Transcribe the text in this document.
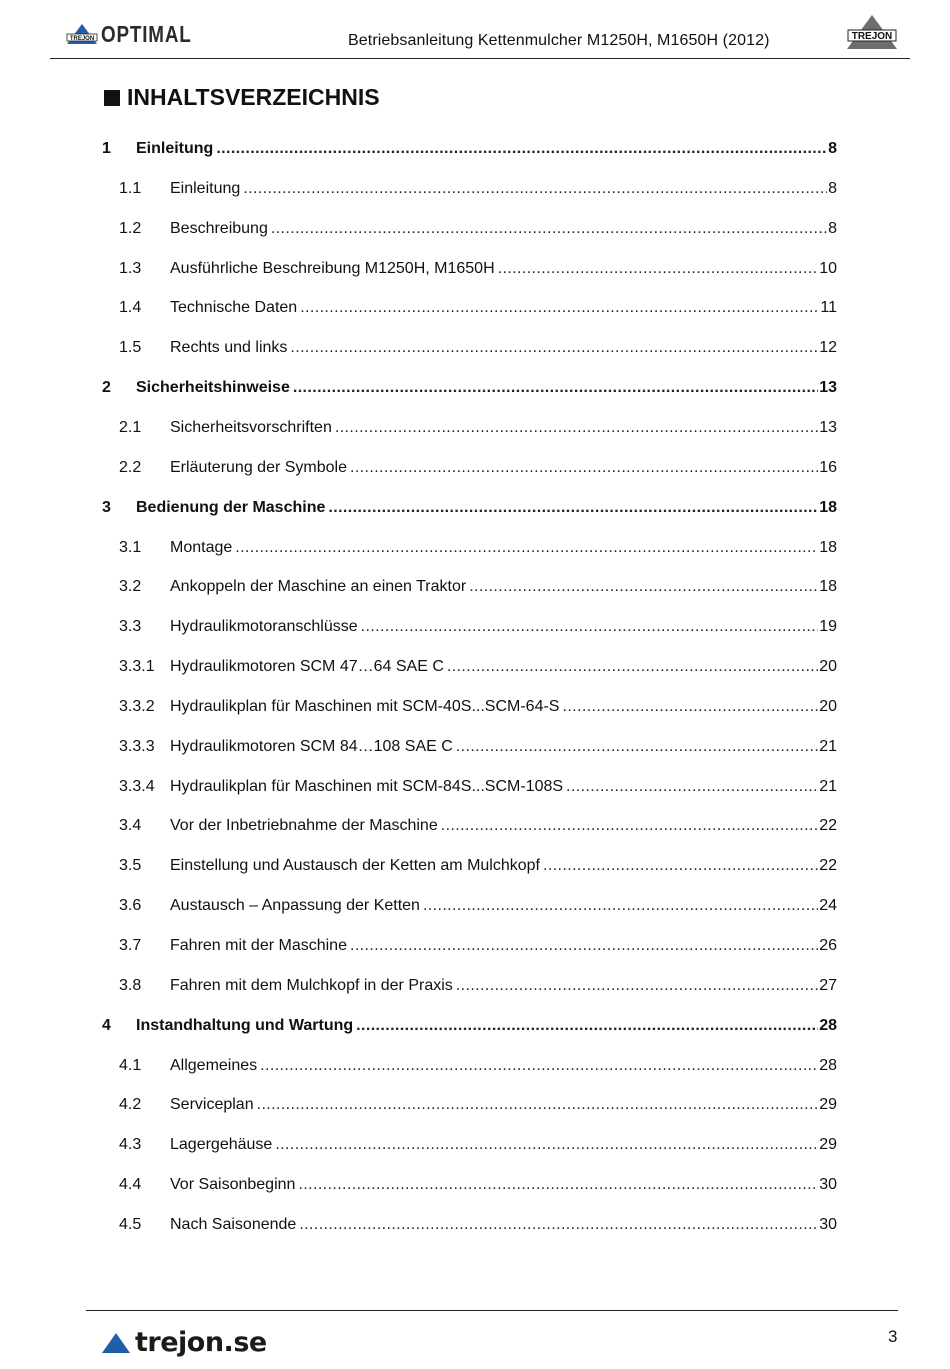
TREJON OPTIMAL	Betriebsanleitung Kettenmulcher M1250H, M1650H (2012)	TREJON
INHALTSVERZEICHNIS
1 Einleitung .....	8
1.1 Einleitung .....	8
1.2 Beschreibung .....	8
1.3 Ausführliche Beschreibung M1250H, M1650H .....	10
1.4 Technische Daten .....	11
1.5 Rechts und links .....	12
2 Sicherheitshinweise .....	13
2.1 Sicherheitsvorschriften .....	13
2.2 Erläuterung der Symbole .....	16
3 Bedienung der Maschine .....	18
3.1 Montage .....	18
3.2 Ankoppeln der Maschine an einen Traktor .....	18
3.3 Hydraulikmotoranschlüsse .....	19
3.3.1 Hydraulikmotoren SCM 47…64 SAE C .....	20
3.3.2 Hydraulikplan für Maschinen mit SCM-40S...SCM-64-S .....	20
3.3.3 Hydraulikmotoren SCM 84…108 SAE C .....	21
3.3.4 Hydraulikplan für Maschinen mit SCM-84S...SCM-108S .....	21
3.4 Vor der Inbetriebnahme der Maschine .....	22
3.5 Einstellung und Austausch der Ketten am Mulchkopf .....	22
3.6 Austausch – Anpassung der Ketten .....	24
3.7 Fahren mit der Maschine .....	26
3.8 Fahren mit dem Mulchkopf in der Praxis .....	27
4 Instandhaltung und Wartung .....	28
4.1 Allgemeines .....	28
4.2 Serviceplan .....	29
4.3 Lagergehäuse .....	29
4.4 Vor Saisonbeginn .....	30
4.5 Nach Saisonende .....	30
trejon.se	3
